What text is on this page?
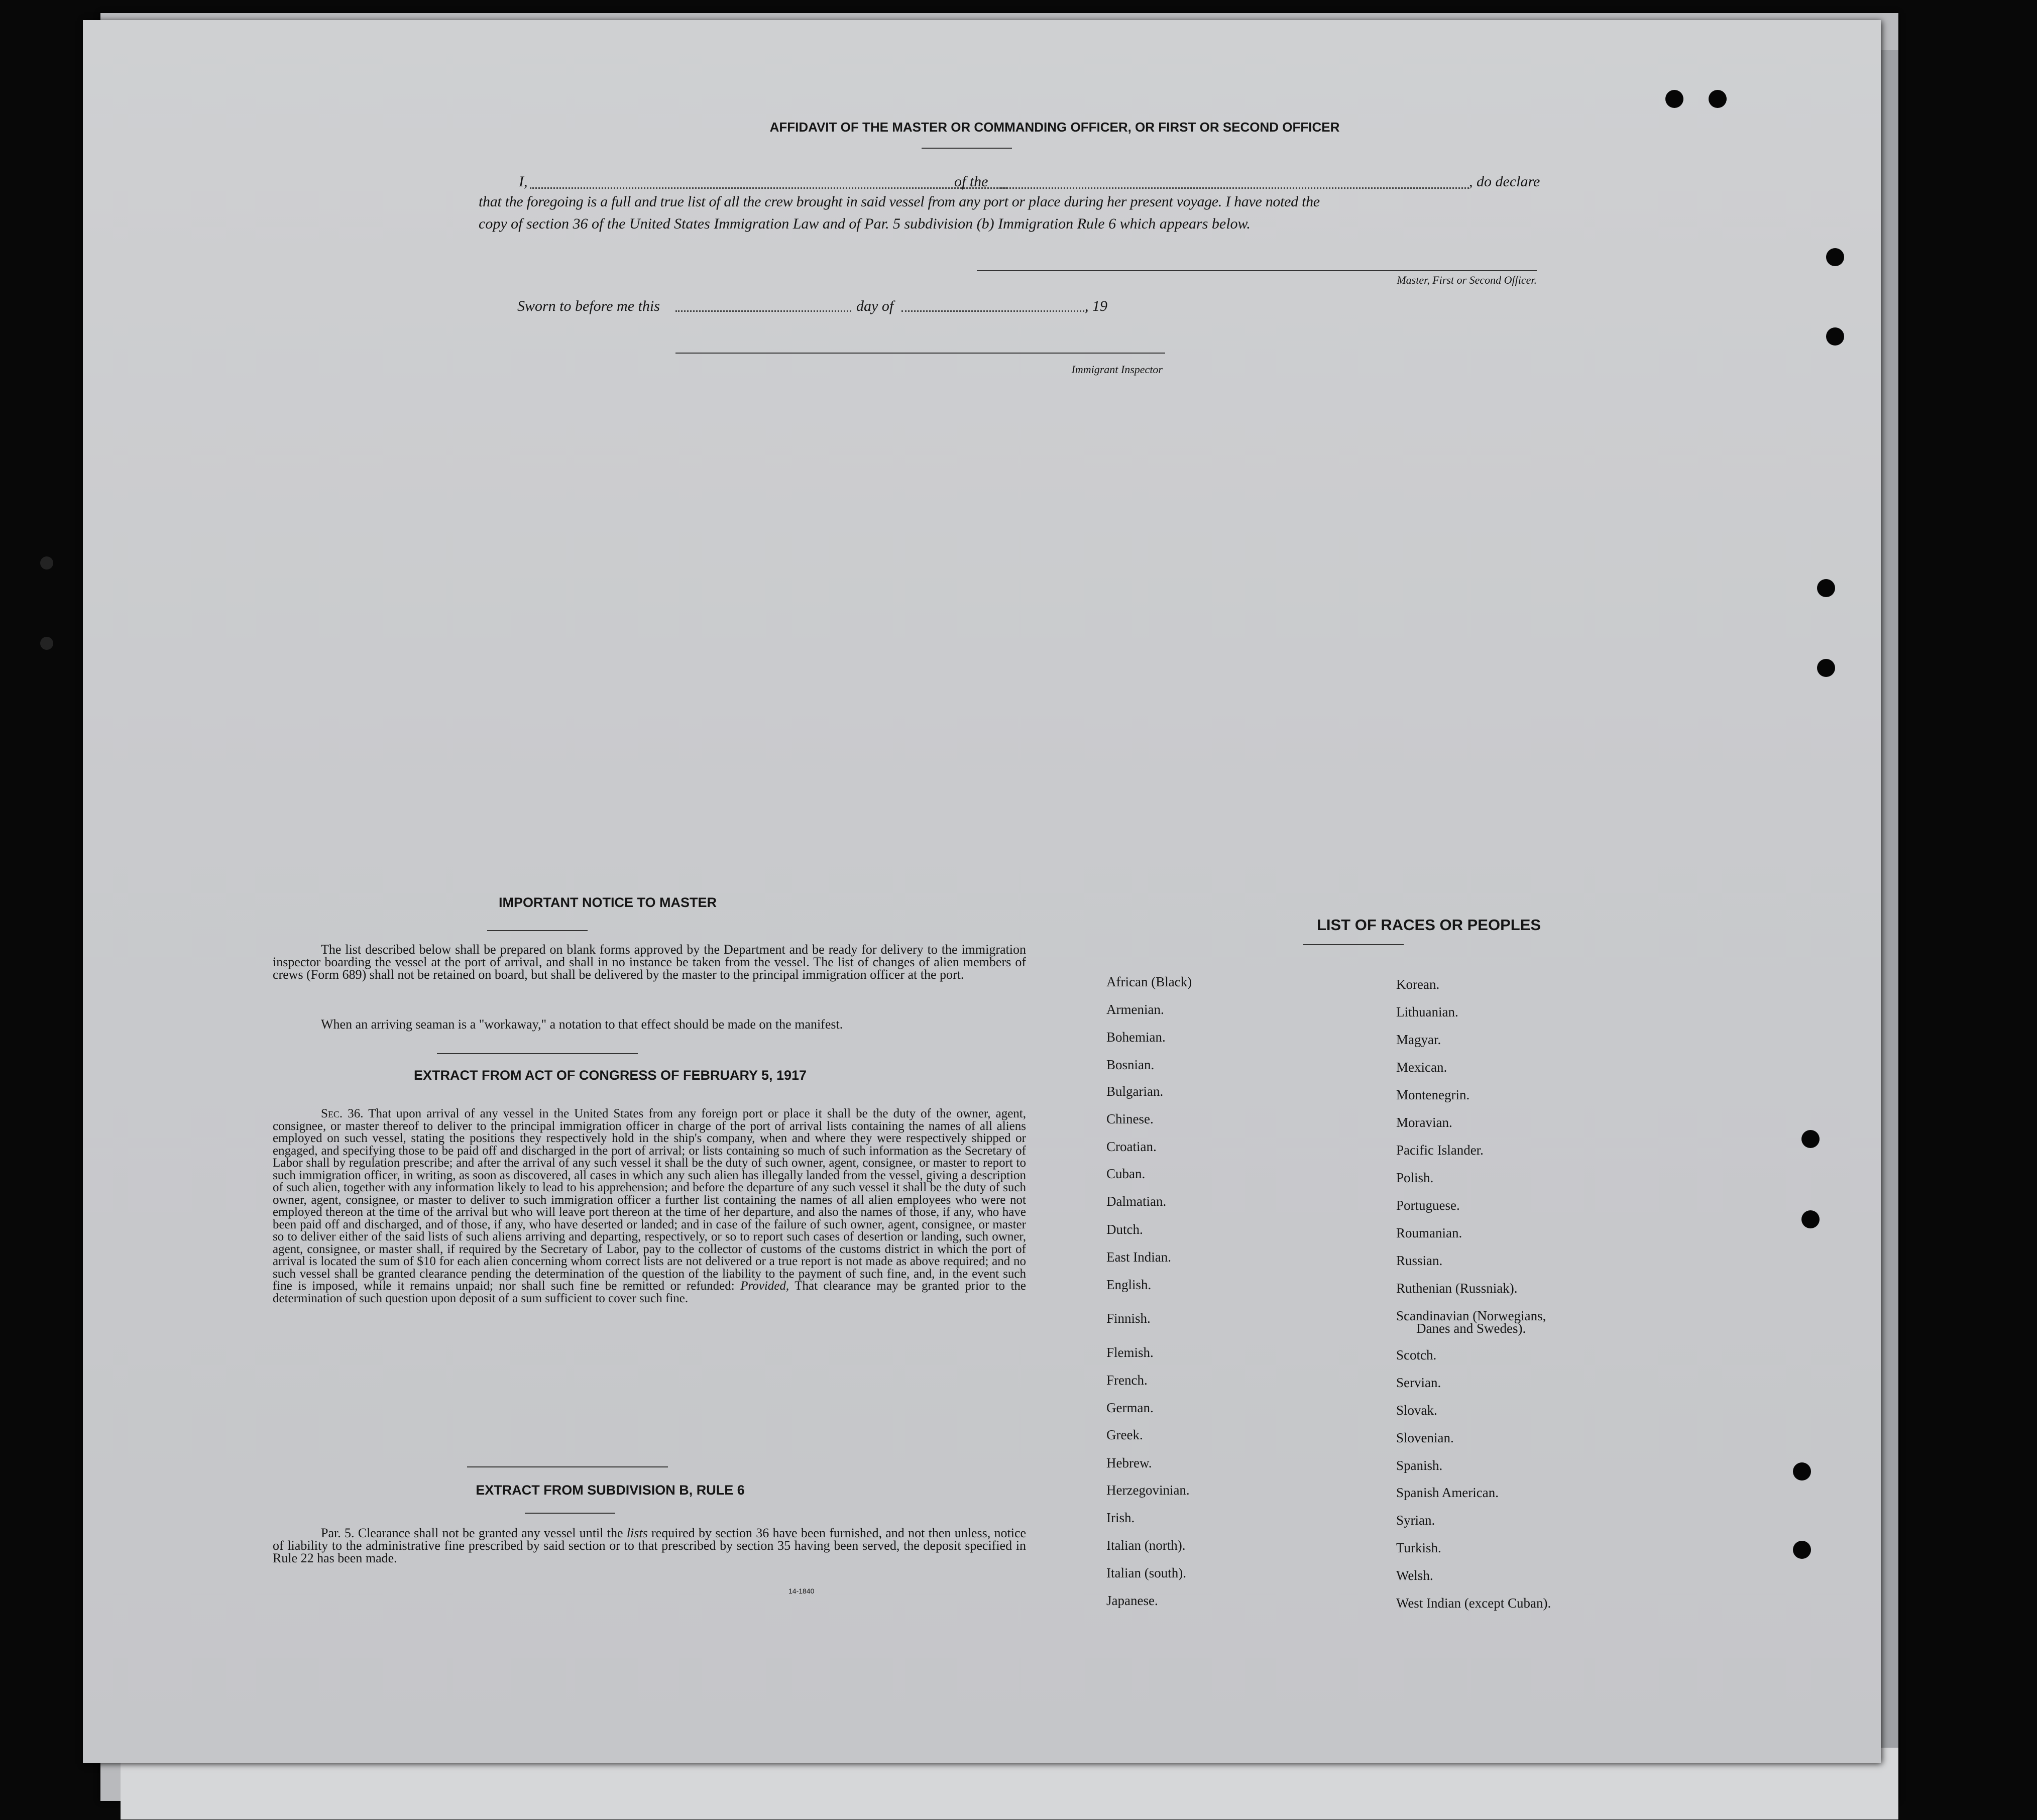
AFFIDAVIT OF THE MASTER OR COMMANDING OFFICER, OR FIRST OR SECOND OFFICER
I,	of the	, do declare
that the foregoing is a full and true list of all the crew brought in said vessel from any port or place during her present voyage. I have noted the
copy of section 36 of the United States Immigration Law and of Par. 5 subdivision (b) Immigration Rule 6 which appears below.
Master, First or Second Officer.
Sworn to before me this	day of	, 19
Immigrant Inspector
IMPORTANT NOTICE TO MASTER
The list described below shall be prepared on blank forms approved by the Department and be ready for delivery to the immigration inspector boarding the vessel at the port of arrival, and shall in no instance be taken from the vessel. The list of changes of alien members of crews (Form 689) shall not be retained on board, but shall be delivered by the master to the principal immigration officer at the port.
When an arriving seaman is a "workaway," a notation to that effect should be made on the manifest.
EXTRACT FROM ACT OF CONGRESS OF FEBRUARY 5, 1917
Sec. 36. That upon arrival of any vessel in the United States from any foreign port or place it shall be the duty of the owner, agent, consignee, or master thereof to deliver to the principal immigration officer in charge of the port of arrival lists containing the names of all aliens employed on such vessel, stating the positions they respectively hold in the ship's company, when and where they were respectively shipped or engaged, and specifying those to be paid off and discharged in the port of arrival; or lists containing so much of such information as the Secretary of Labor shall by regulation prescribe; and after the arrival of any such vessel it shall be the duty of such owner, agent, consignee, or master to report to such immigration officer, in writing, as soon as discovered, all cases in which any such alien has illegally landed from the vessel, giving a description of such alien, together with any information likely to lead to his apprehension; and before the departure of any such vessel it shall be the duty of such owner, agent, consignee, or master to deliver to such immigration officer a further list containing the names of all alien employees who were not employed thereon at the time of the arrival but who will leave port thereon at the time of her departure, and also the names of those, if any, who have been paid off and discharged, and of those, if any, who have deserted or landed; and in case of the failure of such owner, agent, consignee, or master so to deliver either of the said lists of such aliens arriving and departing, respectively, or so to report such cases of desertion or landing, such owner, agent, consignee, or master shall, if required by the Secretary of Labor, pay to the collector of customs of the customs district in which the port of arrival is located the sum of $10 for each alien concerning whom correct lists are not delivered or a true report is not made as above required; and no such vessel shall be granted clearance pending the determination of the question of the liability to the payment of such fine, and, in the event such fine is imposed, while it remains unpaid; nor shall such fine be remitted or refunded: Provided, That clearance may be granted prior to the determination of such question upon deposit of a sum sufficient to cover such fine.
EXTRACT FROM SUBDIVISION B, RULE 6
Par. 5. Clearance shall not be granted any vessel until the lists required by section 36 have been furnished, and not then unless, notice of liability to the administrative fine prescribed by said section or to that prescribed by section 35 having been served, the deposit specified in Rule 22 has been made.
14-1840
LIST OF RACES OR PEOPLES
African (Black)
Armenian.
Bohemian.
Bosnian.
Bulgarian.
Chinese.
Croatian.
Cuban.
Dalmatian.
Dutch.
East Indian.
English.
Finnish.
Flemish.
French.
German.
Greek.
Hebrew.
Herzegovinian.
Irish.
Italian (north).
Italian (south).
Japanese.
Korean.
Lithuanian.
Magyar.
Mexican.
Montenegrin.
Moravian.
Pacific Islander.
Polish.
Portuguese.
Roumanian.
Russian.
Ruthenian (Russniak).
Scandinavian (Norwegians,
Scotch.
Servian.
Slovak.
Slovenian.
Spanish.
Spanish American.
Syrian.
Turkish.
Welsh.
West Indian (except Cuban).
Danes and Swedes).
